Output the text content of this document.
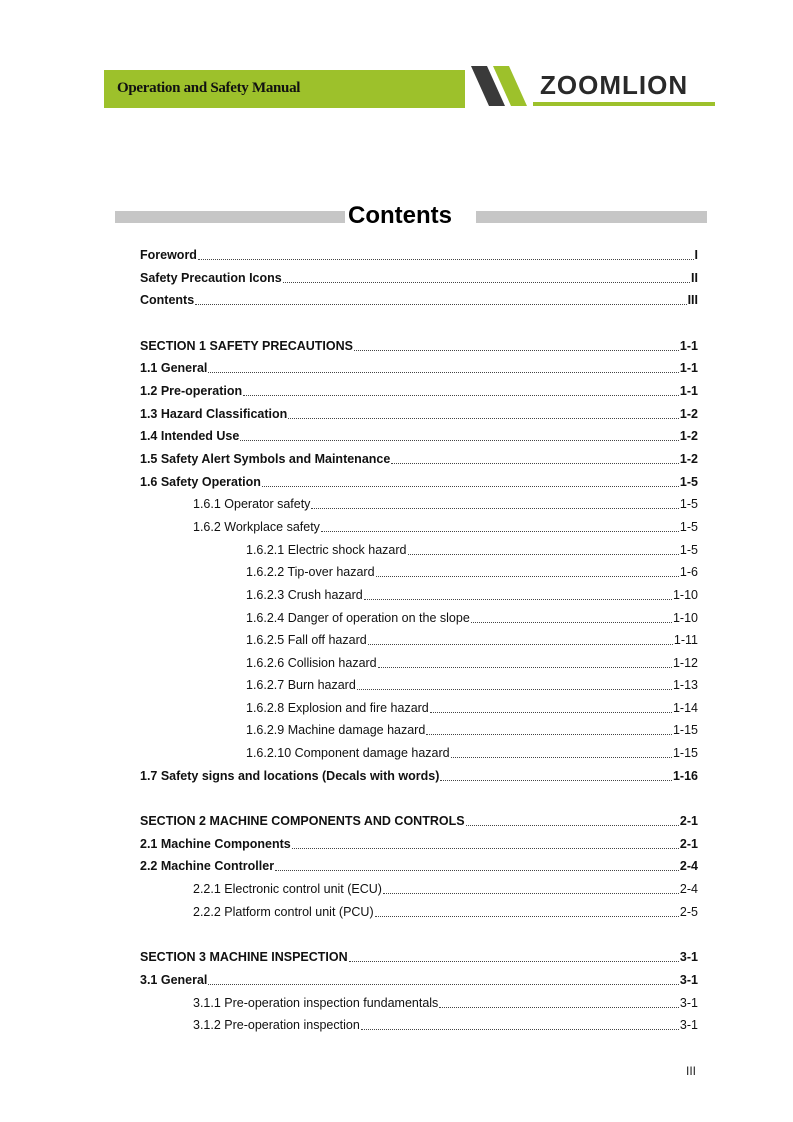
Operation and Safety Manual	ZOOMLION
Contents
Foreword	I
Safety Precaution Icons	II
Contents	III
SECTION 1 SAFETY PRECAUTIONS	1-1
1.1 General	1-1
1.2 Pre-operation	1-1
1.3 Hazard Classification	1-2
1.4 Intended Use	1-2
1.5 Safety Alert Symbols and Maintenance	1-2
1.6 Safety Operation	1-5
1.6.1 Operator safety	1-5
1.6.2 Workplace safety	1-5
1.6.2.1 Electric shock hazard	1-5
1.6.2.2 Tip-over hazard	1-6
1.6.2.3 Crush hazard	1-10
1.6.2.4 Danger of operation on the slope	1-10
1.6.2.5 Fall off hazard	1-11
1.6.2.6 Collision hazard	1-12
1.6.2.7 Burn hazard	1-13
1.6.2.8 Explosion and fire hazard	1-14
1.6.2.9 Machine damage hazard	1-15
1.6.2.10 Component damage hazard	1-15
1.7 Safety signs and locations (Decals with words)	1-16
SECTION 2 MACHINE COMPONENTS AND CONTROLS	2-1
2.1 Machine Components	2-1
2.2 Machine Controller	2-4
2.2.1 Electronic control unit (ECU)	2-4
2.2.2 Platform control unit (PCU)	2-5
SECTION 3 MACHINE INSPECTION	3-1
3.1 General	3-1
3.1.1 Pre-operation inspection fundamentals	3-1
3.1.2 Pre-operation inspection	3-1
III
